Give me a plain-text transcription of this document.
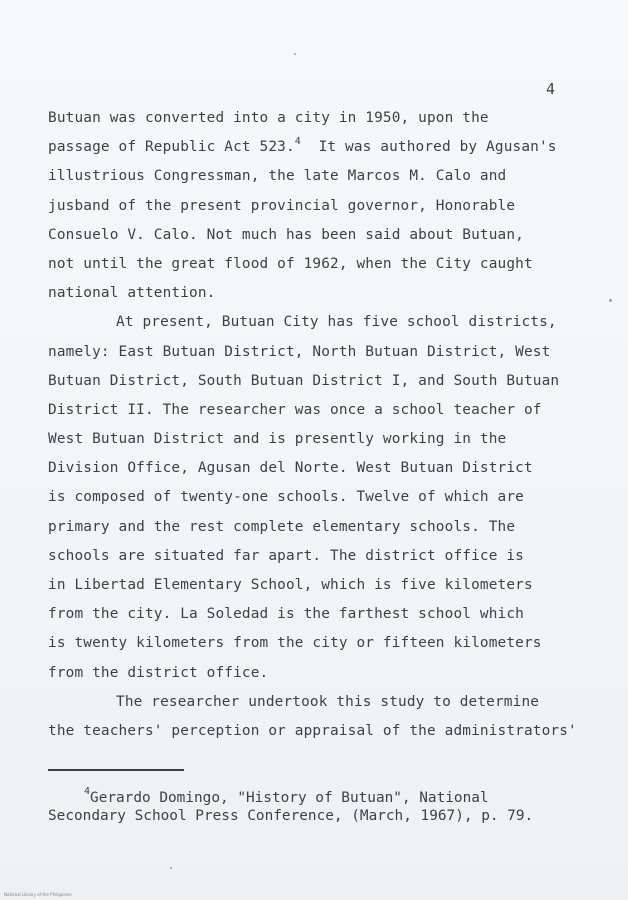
4
Butuan was converted into a city in 1950, upon the
passage of Republic Act 523.$^4$  It was authored by Agusan's
illustrious Congressman, the late Marcos M. Calo and
jusband of the present provincial governor, Honorable
Consuelo V. Calo. Not much has been said about Butuan,
not until the great flood of 1962, when the City caught
national attention.
At present, Butuan City has five school districts,
namely: East Butuan District, North Butuan District, West
Butuan District, South Butuan District I, and South Butuan
District II. The researcher was once a school teacher of
West Butuan District and is presently working in the
Division Office, Agusan del Norte. West Butuan District
is composed of twenty-one schools. Twelve of which are
primary and the rest complete elementary schools. The
schools are situated far apart. The district office is
in Libertad Elementary School, which is five kilometers
from the city. La Soledad is the farthest school which
is twenty kilometers from the city or fifteen kilometers
from the district office.
The researcher undertook this study to determine
the teachers' perception or appraisal of the administrators'
$^4$Gerardo Domingo, "History of Butuan", National
Secondary School Press Conference, (March, 1967), p. 79.
National Library of the Philippines
